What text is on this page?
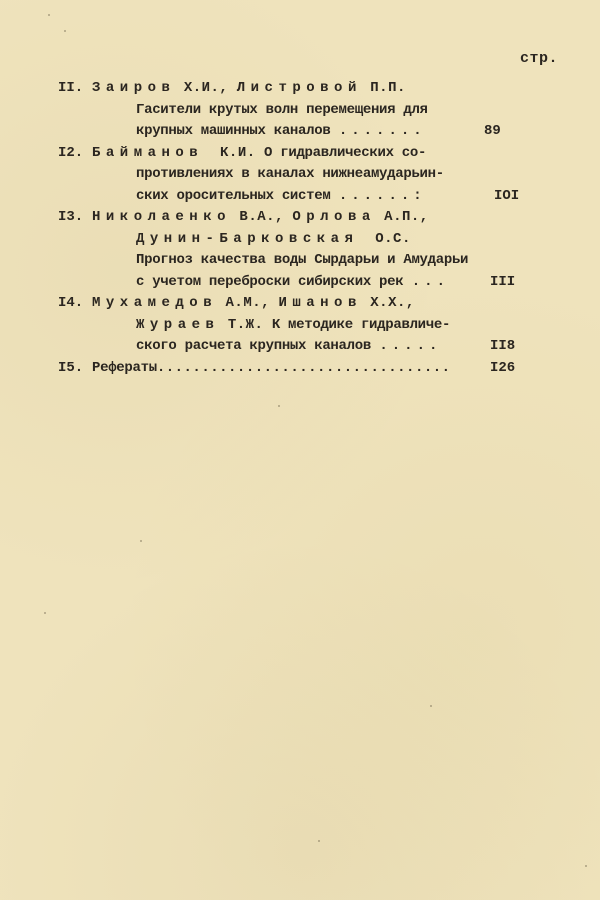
стр.
II. Заиров Х.И., Листровой П.П.
Гасители крутых волн перемещения для
крупных машинных каналов .......	89
I2. Байманов К.И. О гидравлических со-
противлениях в каналах нижнеамударьин-
ских оросительных систем ......:	IOI
I3. Николаенко В.А., Орлова А.П.,
Дунин-Барковская О.С.
Прогноз качества воды Сырдарьи и Амударьи
с учетом переброски сибирских рек ...	III
I4. Мухамедов А.М., Ишанов Х.Х.,
Жураев Т.Ж. К методике гидравличе-
ского расчета крупных каналов .....	II8
I5. Рефераты.................................	I26
